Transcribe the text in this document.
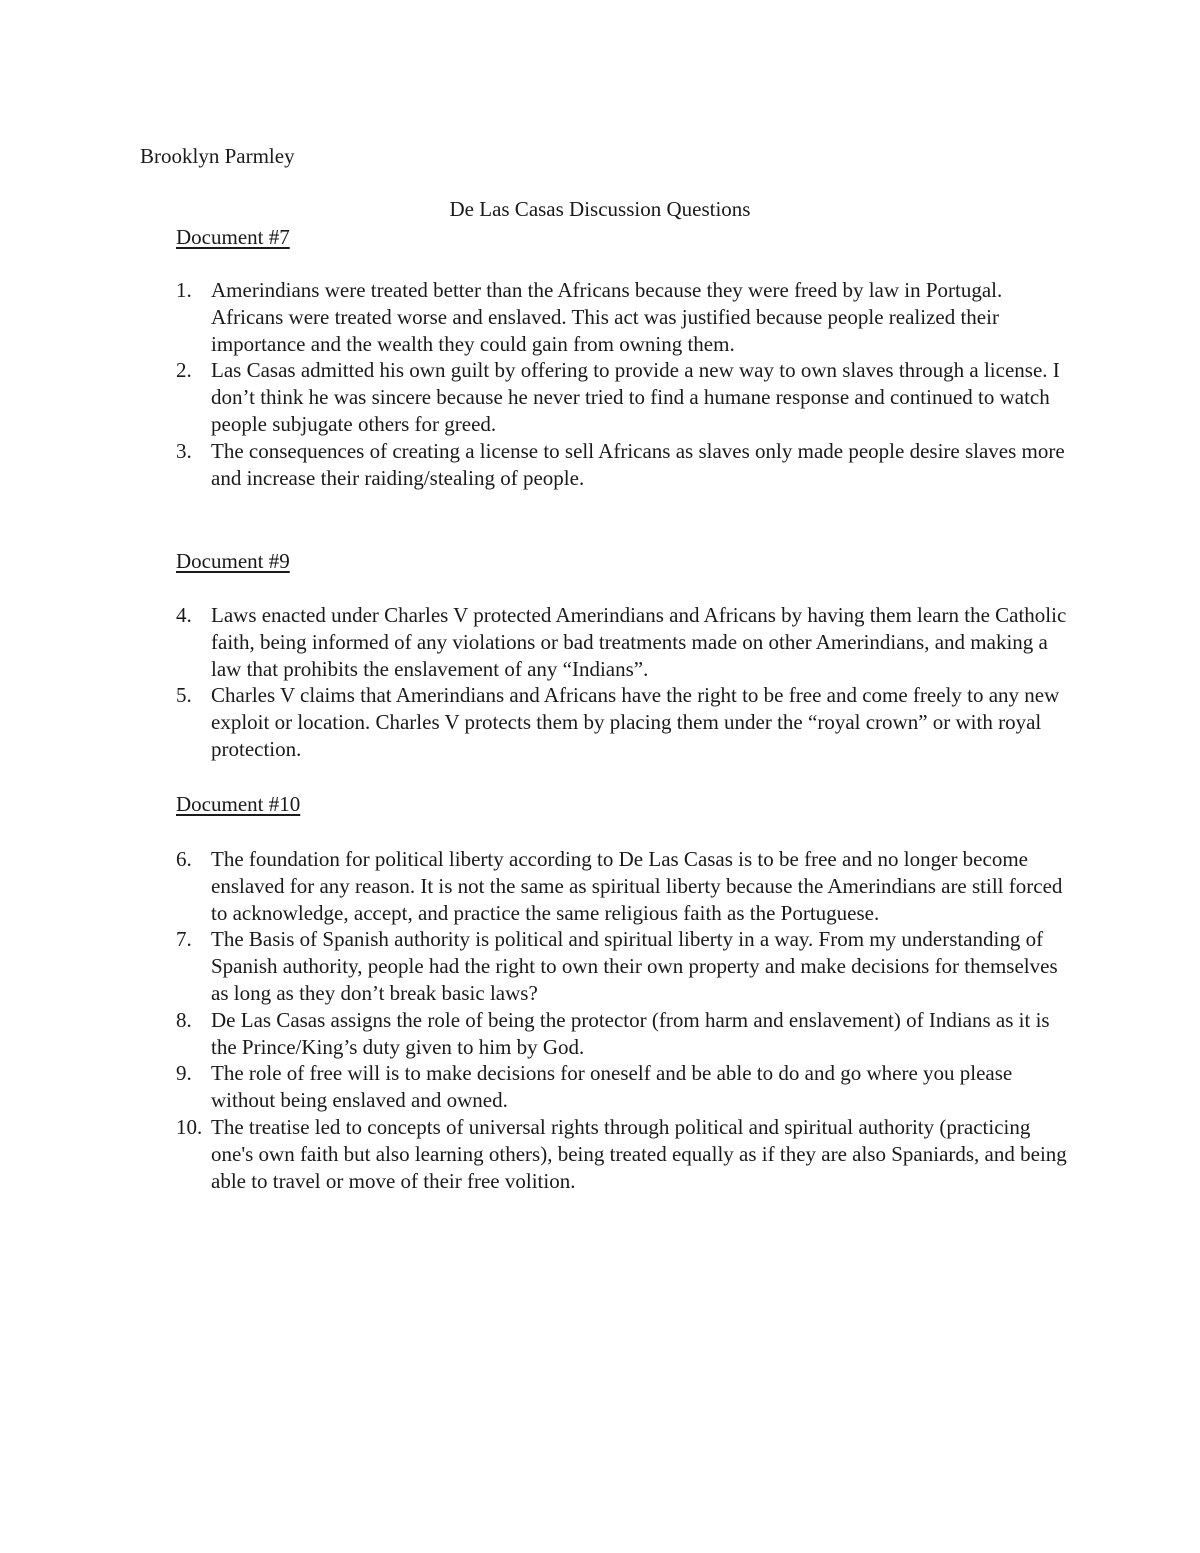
Brooklyn Parmley

De Las Casas Discussion Questions

Document #7

1. Amerindians were treated better than the Africans because they were freed by law in Portugal. Africans were treated worse and enslaved. This act was justified because people realized their importance and the wealth they could gain from owning them.
2. Las Casas admitted his own guilt by offering to provide a new way to own slaves through a license. I don’t think he was sincere because he never tried to find a humane response and continued to watch people subjugate others for greed.
3. The consequences of creating a license to sell Africans as slaves only made people desire slaves more and increase their raiding/stealing of people.

Document #9

4. Laws enacted under Charles V protected Amerindians and Africans by having them learn the Catholic faith, being informed of any violations or bad treatments made on other Amerindians, and making a law that prohibits the enslavement of any “Indians”.
5. Charles V claims that Amerindians and Africans have the right to be free and come freely to any new exploit or location. Charles V protects them by placing them under the “royal crown” or with royal protection.

Document #10

6. The foundation for political liberty according to De Las Casas is to be free and no longer become enslaved for any reason. It is not the same as spiritual liberty because the Amerindians are still forced to acknowledge, accept, and practice the same religious faith as the Portuguese.
7. The Basis of Spanish authority is political and spiritual liberty in a way. From my understanding of Spanish authority, people had the right to own their own property and make decisions for themselves as long as they don’t break basic laws?
8. De Las Casas assigns the role of being the protector (from harm and enslavement) of Indians as it is the Prince/King’s duty given to him by God.
9. The role of free will is to make decisions for oneself and be able to do and go where you please without being enslaved and owned.
10. The treatise led to concepts of universal rights through political and spiritual authority (practicing one's own faith but also learning others), being treated equally as if they are also Spaniards, and being able to travel or move of their free volition.
